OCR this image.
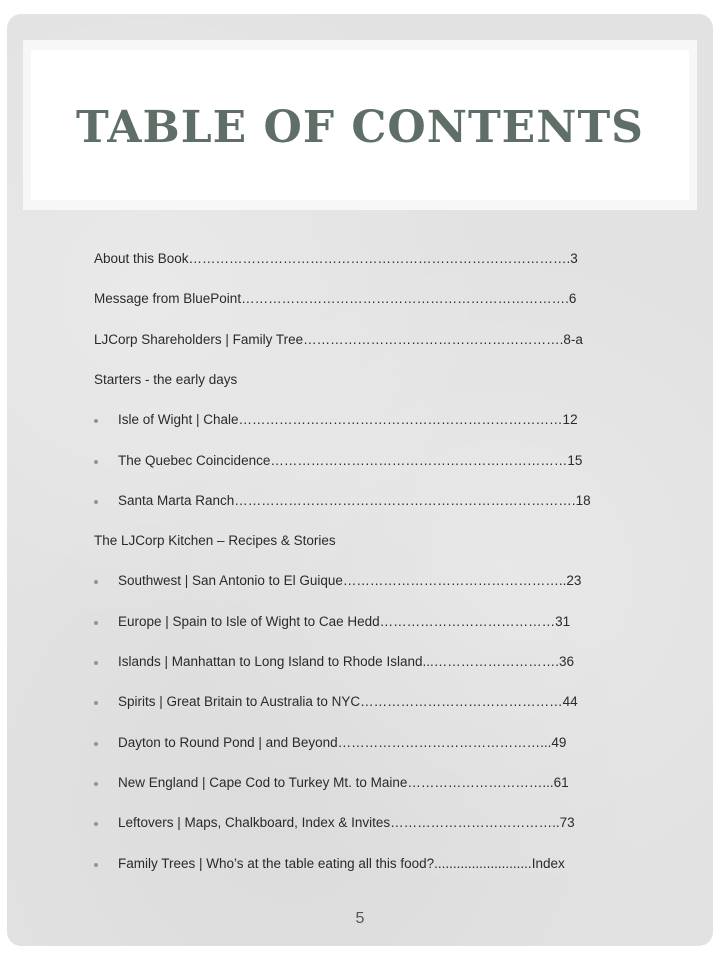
TABLE OF CONTENTS
About this Book………………………………………………………………………….3
Message from BluePoint……………………………………………………………….6
LJCorp Shareholders | Family Tree………………………………………………….8-a
Starters - the early days
Isle of Wight | Chale………………………………………………………………12
The Quebec Coincidence…………………………………………………………15
Santa Marta Ranch………………………………………………………………….18
The LJCorp Kitchen – Recipes & Stories
Southwest | San Antonio to El Guique…………………………………………..23
Europe | Spain to Isle of Wight to Cae Hedd…………………………………31
Islands | Manhattan to Long Island to Rhode Island...……………………….36
Spirits | Great Britain to Australia to NYC………………………………………44
Dayton to Round Pond | and Beyond………………………………………...49
New England | Cape Cod to Turkey Mt. to Maine…………………………...61
Leftovers | Maps, Chalkboard, Index & Invites………………………………..73
Family Trees | Who’s at the table eating all this food?..........................Index
5
